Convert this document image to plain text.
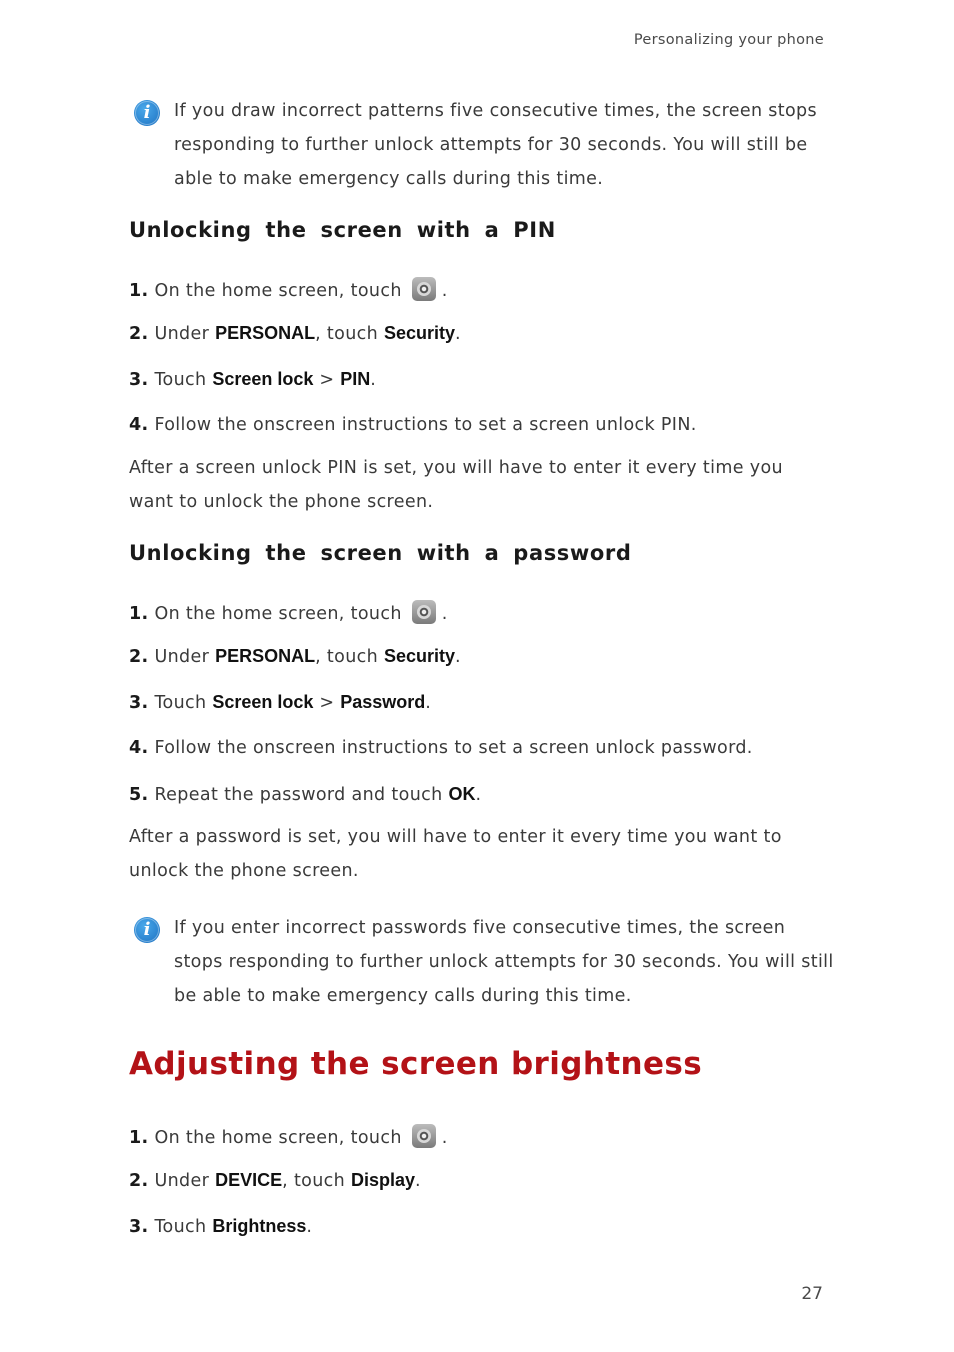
Personalizing your phone
i	If you draw incorrect patterns five consecutive times, the screen stops responding to further unlock attempts for 30 seconds. You will still be able to make emergency calls during this time.
Unlocking the screen with a PIN
1. On the home screen, touch .
2. Under PERSONAL, touch Security.
3. Touch Screen lock > PIN.
4. Follow the onscreen instructions to set a screen unlock PIN.
After a screen unlock PIN is set, you will have to enter it every time you want to unlock the phone screen.
Unlocking the screen with a password
1. On the home screen, touch .
2. Under PERSONAL, touch Security.
3. Touch Screen lock > Password.
4. Follow the onscreen instructions to set a screen unlock password.
5. Repeat the password and touch OK.
After a password is set, you will have to enter it every time you want to unlock the phone screen.
i	If you enter incorrect passwords five consecutive times, the screen stops responding to further unlock attempts for 30 seconds. You will still be able to make emergency calls during this time.
Adjusting the screen brightness
1. On the home screen, touch .
2. Under DEVICE, touch Display.
3. Touch Brightness.
27
